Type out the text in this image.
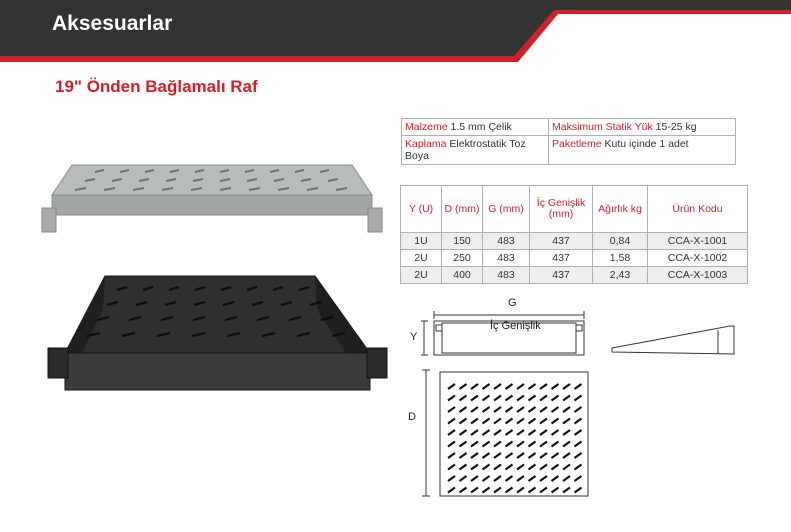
Aksesuarlar
19" Önden Bağlamalı Raf
Malzeme 1.5 mm Çelik	Maksimum Statik Yük 15-25 kg
Kaplama Elektrostatik Toz Boya	Paketleme Kutu içinde 1 adet
Y (U)	D (mm)	G (mm)	İç Genişlik (mm)	Ağırlık kg	Ürün Kodu
1U	150	483	437	0,84	CCA-X-1001
2U	250	483	437	1,58	CCA-X-1002
2U	400	483	437	2,43	CCA-X-1003
G
Y
İç Genişlik
D
